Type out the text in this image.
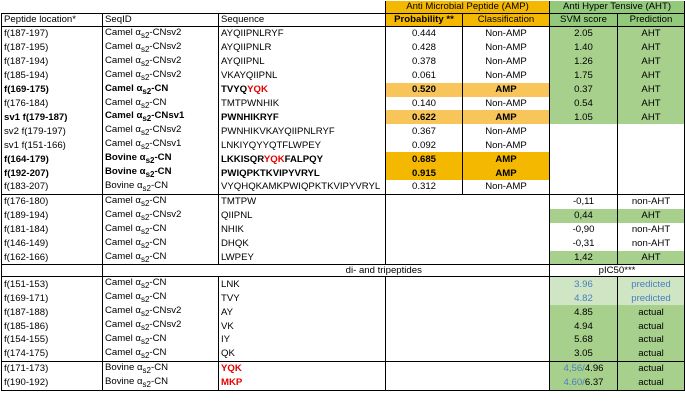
			Anti Microbial Peptide (AMP)		Anti Hyper Tensive (AHT)	
Peptide location*	SeqID	Sequence	Probability **	Classification	SVM score	Prediction
f(187-197)	Camel $\alpha_{s2}-CNsv2$	AYQIIPNLRYF	0.444	Non-AMP	2.05	AHT
f(187-195)	Camel $\alpha_{s2}-CNsv2$	AYQIIPNLR	0.428	Non-AMP	1.40	AHT
f(187-194)	Camel $\alpha_{s2}-CNsv2$	AYQIIPNL	0.378	Non-AMP	1.26	AHT
f(185-194)	Camel $\alpha_{s2}-CNsv2$	VKAYQIIPNL	0.061	Non-AMP	1.75	AHT
f(169-175)	Camel $\alpha_{s2}-CN$	TVYQYQK	0.520	AMP	0.37	AHT
f(176-184)	Camel $\alpha_{s2}-CN$	TMTPWNHIK	0.140	Non-AMP	0.54	AHT
sv1 f(179-187)	Camel $\alpha_{s2}-CNsv1$	PWNHIKRYF	0.622	AMP	1.05	AHT
sv2 f(179-197)	Camel $\alpha_{s2}-CNsv2$	PWNHIKVKAYQIIPNLRYF	0.367	Non-AMP		
sv1 f(151-166)	Camel $\alpha_{s2}-CNsv1$	LNKIYQYYQTFLWPEY	0.092	Non-AMP		
f(164-179)	Bovine $\alpha_{s2}-CN$	LKKISQRYQKFALPQY	0.685	AMP		
f(192-207)	Bovine $\alpha_{s2}-CN$	PWIQPKTKVIPYVRYL	0.915	AMP		
f(183-207)	Bovine $\alpha_{s2}-CN$	VYQHQKAMKPWIQPKTKVIPYVRYL	0.312	Non-AMP		
f(176-180)	Camel $\alpha_{s2}-CN$	TMTPW			-0,11	non-AHT
f(189-194)	Camel $\alpha_{s2}-CNsv2$	QIIPNL			0,44	AHT
f(181-184)	Camel $\alpha_{s2}-CN$	NHIK			-0,90	non-AHT
f(146-149)	Camel $\alpha_{s2}-CN$	DHQK			-0,31	non-AHT
f(162-166)	Camel $\alpha_{s2}-CN$	LWPEY			1,42	AHT
		di- and tripeptides			pIC50***	
f(151-153)	Camel $\alpha_{s2}-CN$	LNK			3.96	predicted
f(169-171)	Camel $\alpha_{s2}-CN$	TVY			4.82	predicted
f(187-188)	Camel $\alpha_{s2}-CNsv2$	AY			4.85	actual
f(185-186)	Camel $\alpha_{s2}-CNsv2$	VK			4.94	actual
f(154-155)	Camel $\alpha_{s2}-CN$	IY			5.68	actual
f(174-175)	Camel $\alpha_{s2}-CN$	QK			3.05	actual
f(171-173)	Bovine $\alpha_{s2}-CN$	YQK			4,56/4.96	actual
f(190-192)	Bovine $\alpha_{s2}-CN$	MKP			4.60/6.37	actual
